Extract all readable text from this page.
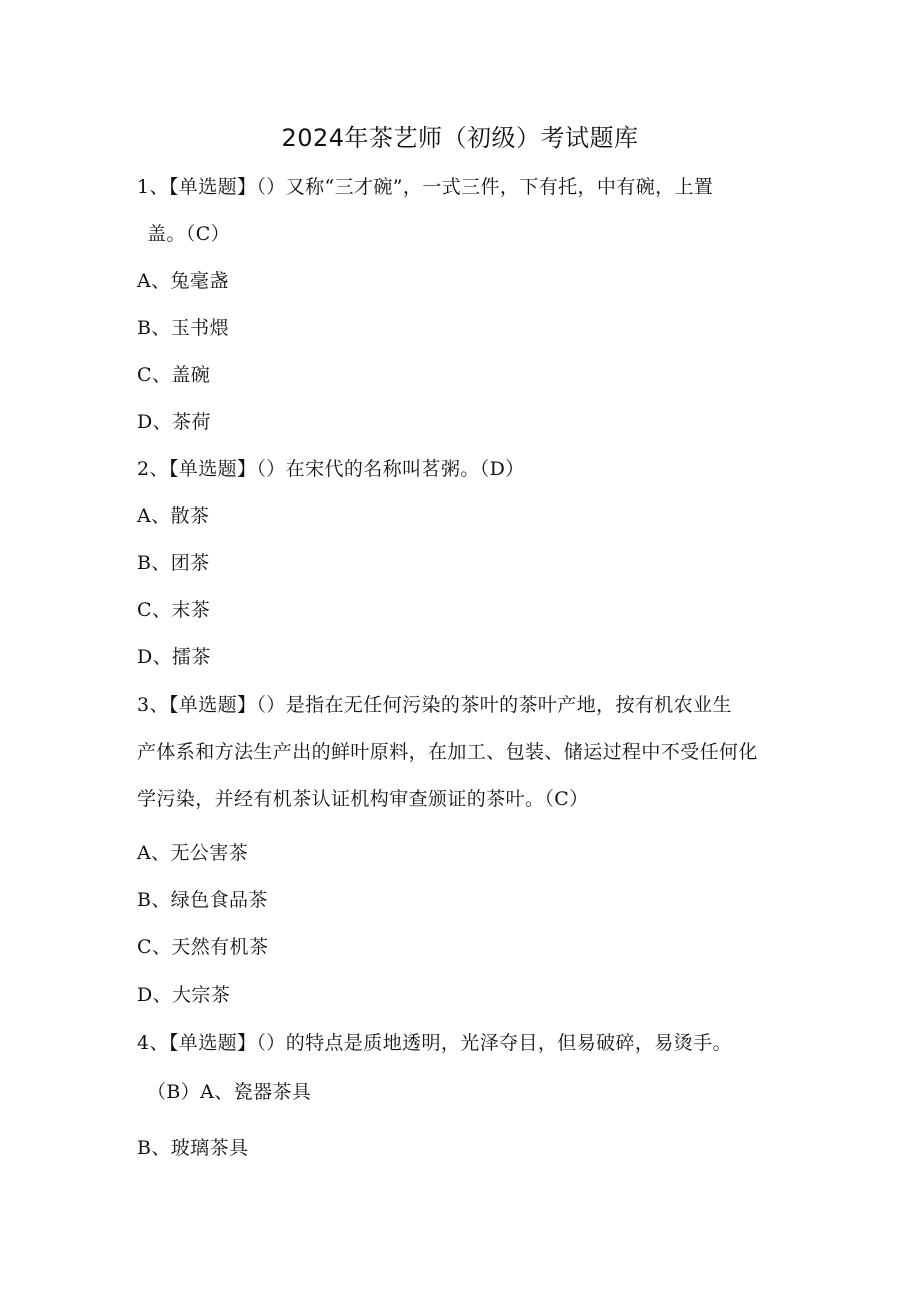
2024年茶艺师（初级）考试题库
1、【单选题】（）又称“三才碗”，一式三件，下有托，中有碗，上置
盖。（C）
A、兔毫盏
B、玉书煨
C、盖碗
D、茶荷
2、【单选题】（）在宋代的名称叫茗粥。（D）
A、散茶
B、团茶
C、末茶
D、擂茶
3、【单选题】（）是指在无任何污染的茶叶的茶叶产地，按有机农业生
产体系和方法生产出的鲜叶原料，在加工、包装、储运过程中不受任何化
学污染，并经有机茶认证机构审查颁证的茶叶。（C）
A、无公害茶
B、绿色食品茶
C、天然有机茶
D、大宗茶
4、【单选题】（）的特点是质地透明，光泽夺目，但易破碎，易烫手。
（B）A、瓷器茶具
B、玻璃茶具
